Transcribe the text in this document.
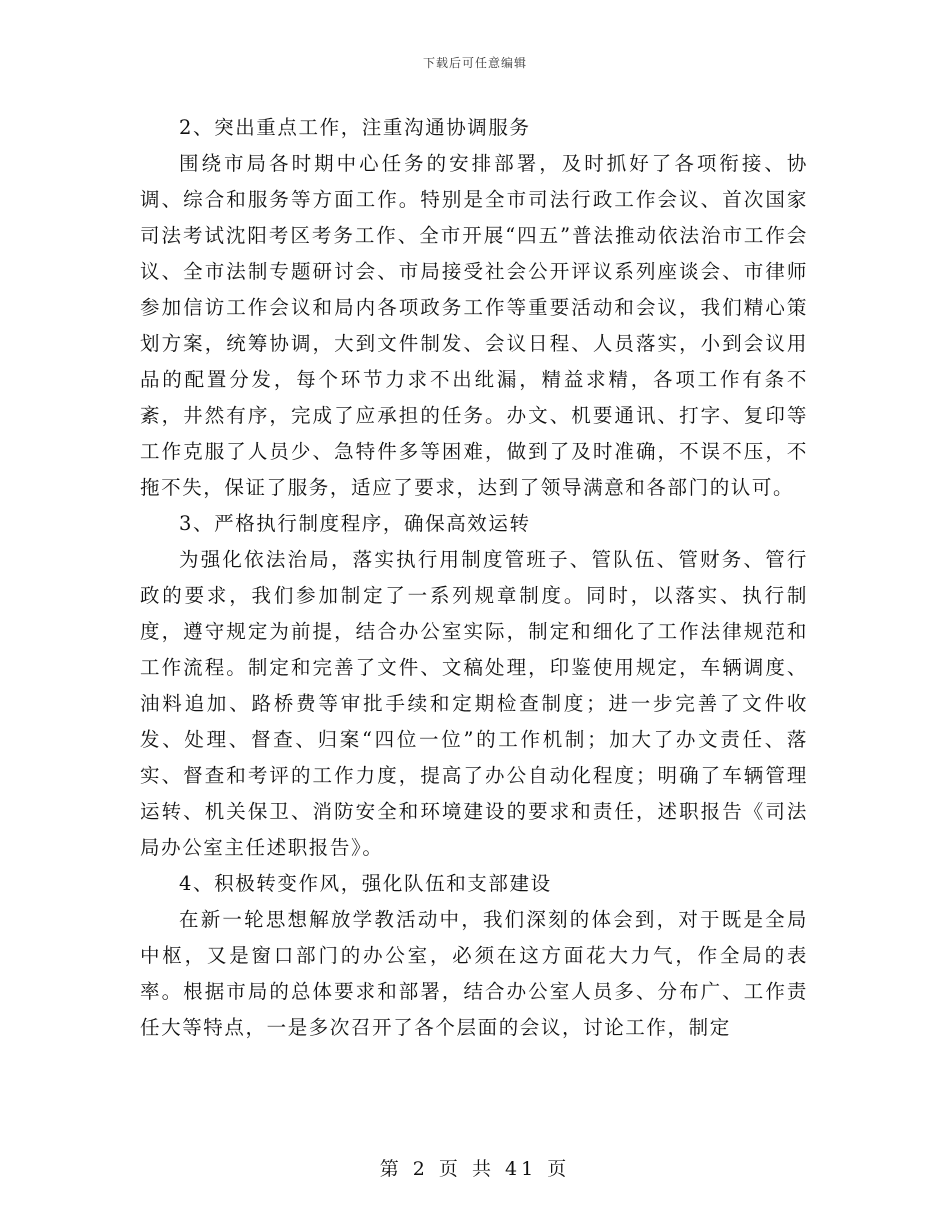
下载后可任意编辑

2、突出重点工作，注重沟通协调服务

围绕市局各时期中心任务的安排部署，及时抓好了各项衔接、协调、综合和服务等方面工作。特别是全市司法行政工作会议、首次国家司法考试沈阳考区考务工作、全市开展“四五”普法推动依法治市工作会议、全市法制专题研讨会、市局接受社会公开评议系列座谈会、市律师参加信访工作会议和局内各项政务工作等重要活动和会议，我们精心策划方案，统筹协调，大到文件制发、会议日程、人员落实，小到会议用品的配置分发，每个环节力求不出纰漏，精益求精，各项工作有条不紊，井然有序，完成了应承担的任务。办文、机要通讯、打字、复印等工作克服了人员少、急特件多等困难，做到了及时准确，不误不压，不拖不失，保证了服务，适应了要求，达到了领导满意和各部门的认可。

3、严格执行制度程序，确保高效运转

为强化依法治局，落实执行用制度管班子、管队伍、管财务、管行政的要求，我们参加制定了一系列规章制度。同时，以落实、执行制度，遵守规定为前提，结合办公室实际，制定和细化了工作法律规范和工作流程。制定和完善了文件、文稿处理，印鉴使用规定，车辆调度、油料追加、路桥费等审批手续和定期检查制度；进一步完善了文件收发、处理、督查、归案“四位一位”的工作机制；加大了办文责任、落实、督查和考评的工作力度，提高了办公自动化程度；明确了车辆管理运转、机关保卫、消防安全和环境建设的要求和责任，述职报告《司法局办公室主任述职报告》。

4、积极转变作风，强化队伍和支部建设

在新一轮思想解放学教活动中，我们深刻的体会到，对于既是全局中枢，又是窗口部门的办公室，必须在这方面花大力气，作全局的表率。根据市局的总体要求和部署，结合办公室人员多、分布广、工作责任大等特点，一是多次召开了各个层面的会议，讨论工作，制定

第 2 页 共 41 页
